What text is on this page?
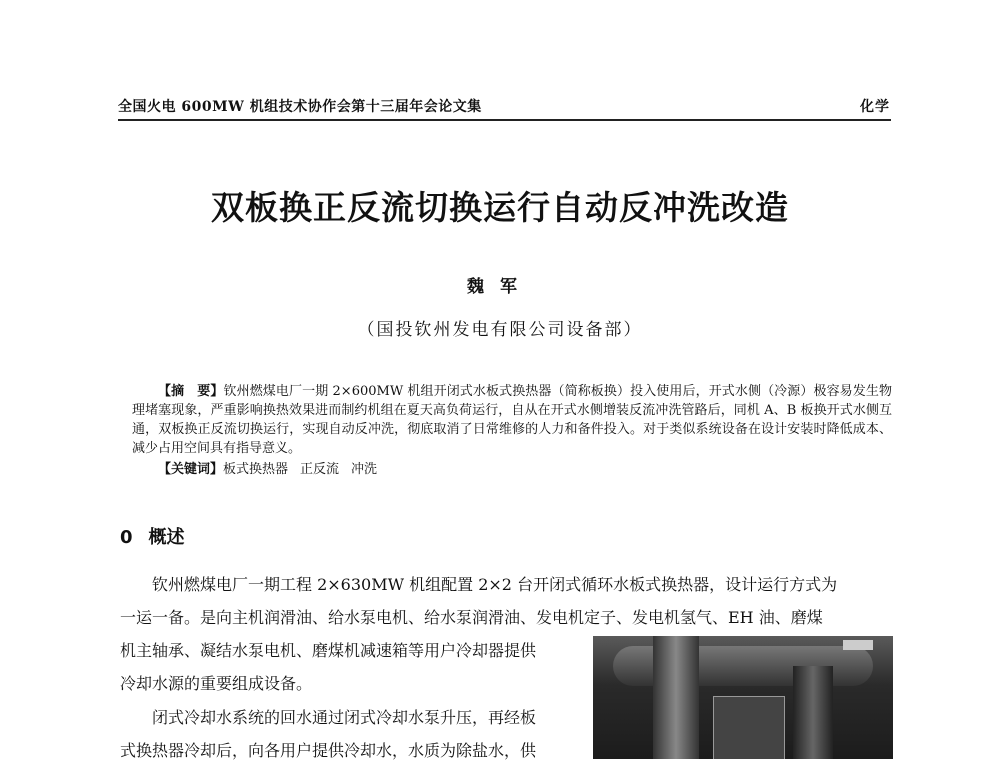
全国火电 600MW 机组技术协作会第十三届年会论文集	化学
双板换正反流切换运行自动反冲洗改造
魏军
（国投钦州发电有限公司设备部）

【摘　要】钦州燃煤电厂一期 2×600MW 机组开闭式水板式换热器（简称板换）投入使用后，开式水侧（冷源）极容易发生物理堵塞现象，严重影响换热效果进而制约机组在夏天高负荷运行，自从在开式水侧增装反流冲洗管路后，同机 A、B 板换开式水侧互通，双板换正反流切换运行，实现自动反冲洗，彻底取消了日常维修的人力和备件投入。对于类似系统设备在设计安装时降低成本、减少占用空间具有指导意义。

【关键词】板式换热器 正反流 冲洗
0 概述
钦州燃煤电厂一期工程 2×630MW 机组配置 2×2 台开闭式循环水板式换热器，设计运行方式为
一运一备。是向主机润滑油、给水泵电机、给水泵润滑油、发电机定子、发电机氢气、EH 油、磨煤
机主轴承、凝结水泵电机、磨煤机减速箱等用户冷却器提供
冷却水源的重要组成设备。
闭式冷却水系统的回水通过闭式冷却水泵升压，再经板
式换热器冷却后，向各用户提供冷却水，水质为除盐水，供
